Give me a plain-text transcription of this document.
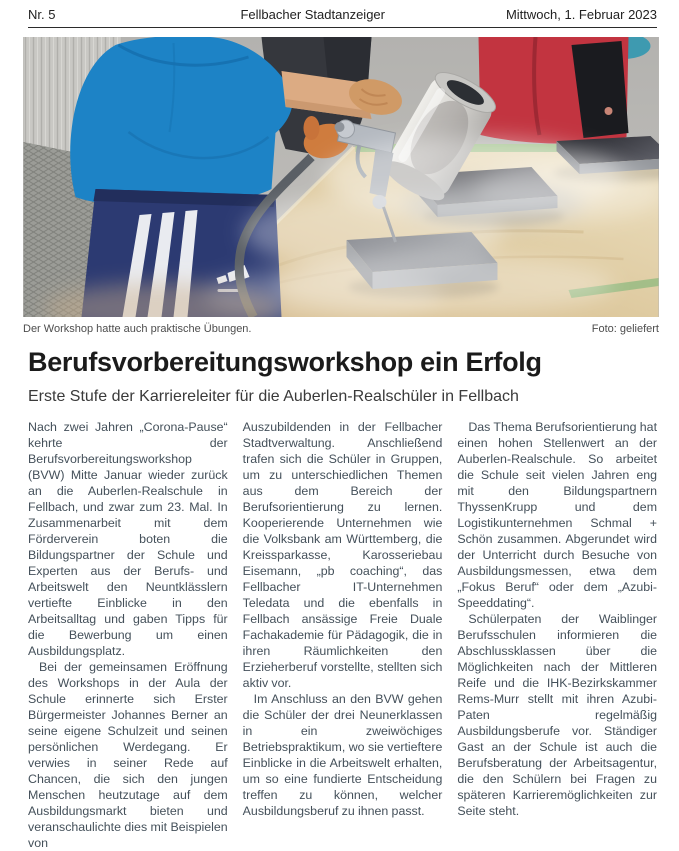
Nr. 5	Fellbacher Stadtanzeiger	Mittwoch, 1. Februar 2023
Der Workshop hatte auch praktische Übungen.	Foto: geliefert
Berufsvorbereitungsworkshop ein Erfolg
Erste Stufe der Karriereleiter für die Auberlen-Realschüler in Fellbach

Nach zwei Jahren „Corona-Pause“ kehrte der Berufsvorbereitungsworkshop (BVW) Mitte Januar wieder zurück an die Auberlen-Realschule in Fellbach, und zwar zum 23. Mal. In Zusammenarbeit mit dem Förderverein boten die Bildungspartner der Schule und Experten aus der Berufs- und Arbeitswelt den Neuntklässlern vertiefte Einblicke in den Arbeitsalltag und gaben Tipps für die Bewerbung um einen Ausbildungsplatz.

Bei der gemeinsamen Eröffnung des Workshops in der Aula der Schule erinnerte sich Erster Bürgermeister Johannes Berner an seine eigene Schulzeit und seinen persönlichen Werdegang. Er verwies in seiner Rede auf Chancen, die sich den jungen Menschen heutzutage auf dem Ausbildungsmarkt bieten und veranschaulichte dies mit Beispielen von

Auszubildenden in der Fellbacher Stadtverwaltung. Anschließend trafen sich die Schüler in Gruppen, um zu unterschiedlichen Themen aus dem Bereich der Berufsorientierung zu lernen. Kooperierende Unternehmen wie die Volksbank am Württemberg, die Kreissparkasse, Karosseriebau Eisemann, „pb coaching“, das Fellbacher IT-Unternehmen Teledata und die ebenfalls in Fellbach ansässige Freie Duale Fachakademie für Pädagogik, die in ihren Räumlichkeiten den Erzieherberuf vorstellte, stellten sich aktiv vor.

Im Anschluss an den BVW gehen die Schüler der drei Neunerklassen in ein zweiwöchiges Betriebspraktikum, wo sie vertieftere Einblicke in die Arbeitswelt erhalten, um so eine fundierte Entscheidung treffen zu können, welcher Ausbildungsberuf zu ihnen passt.

Das Thema Berufsorientierung hat einen hohen Stellenwert an der Auberlen-Realschule. So arbeitet die Schule seit vielen Jahren eng mit den Bildungspartnern ThyssenKrupp und dem Logistikunternehmen Schmal + Schön zusammen. Abgerundet wird der Unterricht durch Besuche von Ausbildungsmessen, etwa dem „Fokus Beruf“ oder dem „Azubi-Speeddating“.

Schülerpaten der Waiblinger Berufsschulen informieren die Abschlussklassen über die Möglichkeiten nach der Mittleren Reife und die IHK-Bezirkskammer Rems-Murr stellt mit ihren Azubi-Paten regelmäßig Ausbildungsberufe vor. Ständiger Gast an der Schule ist auch die Berufsberatung der Arbeitsagentur, die den Schülern bei Fragen zu späteren Karrieremöglichkeiten zur Seite steht.
